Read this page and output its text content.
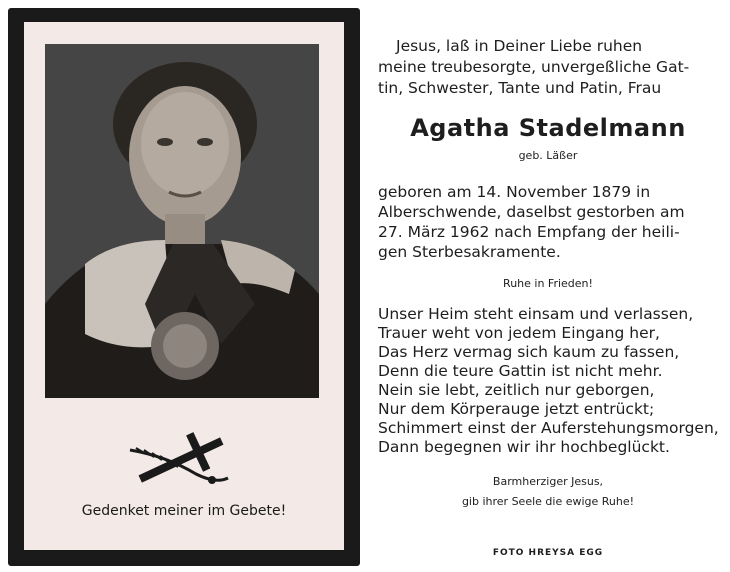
Gedenket meiner im Gebete!
Jesus, laß in Deiner Liebe ruhen
meine treubesorgte, unvergeßliche Gat-
tin, Schwester, Tante und Patin, Frau
Agatha Stadelmann
geb. Läßer
geboren am 14. November 1879 in
Alberschwende, daselbst gestorben am
27. März 1962 nach Empfang der heili-
gen Sterbesakramente.
Ruhe in Frieden!
Unser Heim steht einsam und verlassen,
Trauer weht von jedem Eingang her,
Das Herz vermag sich kaum zu fassen,
Denn die teure Gattin ist nicht mehr.
Nein sie lebt, zeitlich nur geborgen,
Nur dem Körperauge jetzt entrückt;
Schimmert einst der Auferstehungsmorgen,
Dann begegnen wir ihr hochbeglückt.
Barmherziger Jesus,
gib ihrer Seele die ewige Ruhe!
FOTO HREYSA EGG
